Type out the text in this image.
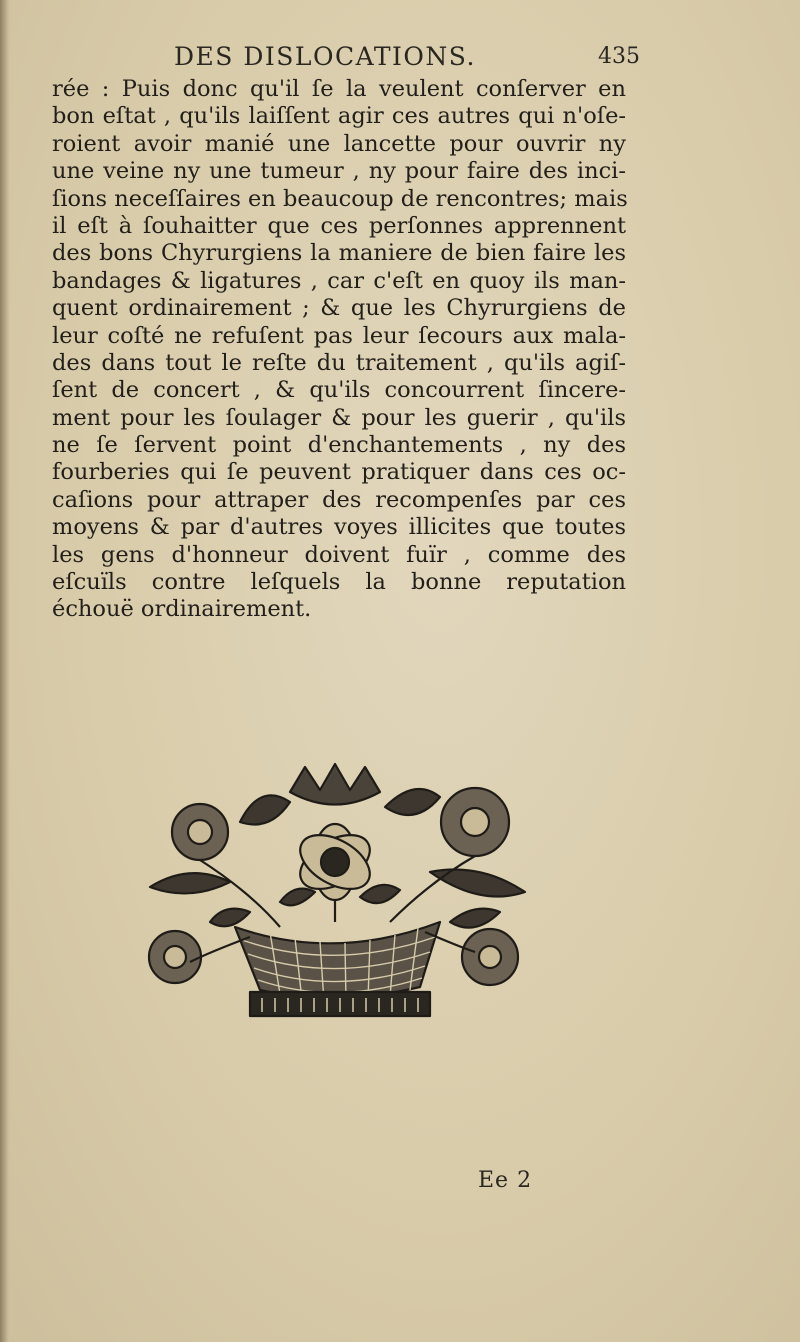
DES DISLOCATIONS.	435
rée : Puis donc qu'il ſe la veulent conſerver en
bon eſtat , qu'ils laiſſent agir ces autres qui n'oſe-
roient avoir manié une lancette pour ouvrir ny
une veine ny une tumeur , ny pour faire des inci-
ſions neceſſaires en beaucoup de rencontres; mais
il eſt à ſouhaitter que ces perſonnes apprennent
des bons Chyrurgiens la maniere de bien faire les
bandages & ligatures , car c'eſt en quoy ils man-
quent ordinairement ; & que les Chyrurgiens de
leur coſté ne refuſent pas leur ſecours aux mala-
des dans tout le reſte du traitement , qu'ils agiſ-
ſent de concert , & qu'ils concourrent ſincere-
ment pour les ſoulager & pour les guerir , qu'ils
ne ſe ſervent point d'enchantements , ny des
fourberies qui ſe peuvent pratiquer dans ces oc-
caſions pour attraper des recompenſes par ces
moyens & par d'autres voyes illicites que toutes
les gens d'honneur doivent fuïr , comme des
eſcuïls contre leſquels la bonne reputation
échouë ordinairement.
Ee 2
